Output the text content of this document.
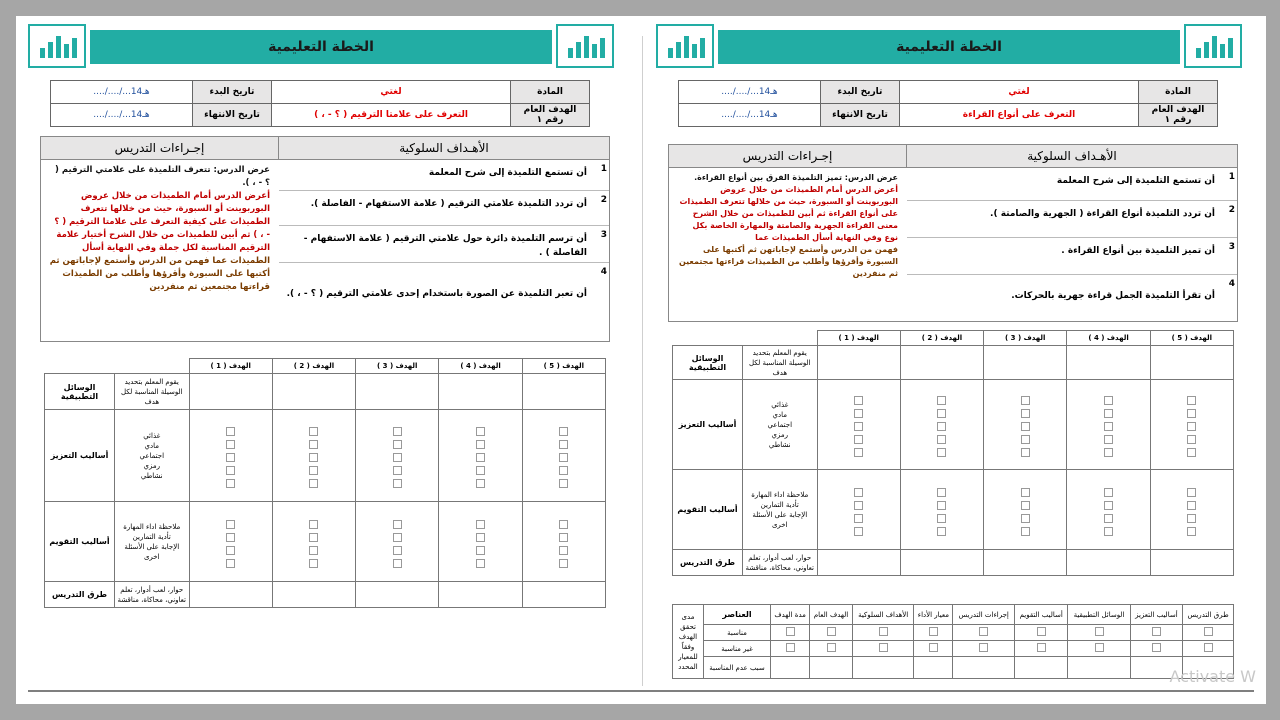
الخطة التعليمية
..../..../...14هـ	تاريخ البدء	لغتي	المادة
..../..../...14هـ	تاريخ الانتهاء	التعرف على علامتا الترقيم ( ؟ - ، )	الهدف العام رقم ١
الأهـداف السلوكية
إجـراءات التدريس
1
أن تستمع التلميذة إلى شرح المعلمة
2
أن تردد التلميذة علامتي الترقيم ( علامة الاستفهام - الفاصلة ).
3
أن ترسم التلميذة دائرة حول علامتي الترقيم ( علامة الاستفهام - الفاصلة ) .
4
أن تعبر التلميذة عن الصورة باستخدام إحدى علامتي الترقيم ( ؟ - ، ).
عرض الدرس: تتعرف التلميذة على علامتي الترقيم ( ؟ - ، ).
أعرض الدرس أمام الطميذات من خلال عروض البوربوينت أو السبورة، حيث من خلالها تتعرف الطميذات على كيفية التعرف على علامتا الترقيم ( ؟ - ، ) ثم أبين للطميذات من خلال الشرح أختيار علامة الترقيم المناسبة لكل جملة وفي النهاية أسأل
الطميذات عما فهمن من الدرس وأستمع لإجاباتهن ثم أكتبها على السبورة وأقرؤها وأطلب من الطميذات قراءتها مجتمعين ثم منفردين
		الهدف ( 1 )	الهدف ( 2 )	الهدف ( 3 )	الهدف ( 4 )	الهدف ( 5 )
الوسائل التطبيقية	يقوم المعلم بتحديد الوسيلة المناسبة لكل هدف					
أساليب التعزيز	غذائي
مادي
اجتماعي
رمزي
نشاطي					

أساليب التقويم	ملاحظة اداء المهارة
تأدية التمارين
الإجابة على الأسئلة
اخرى					

طرق التدريس	حوار، لعب أدوار، تعلم تعاوني، محاكاة، مناقشة					
الخطة التعليمية
..../..../...14هـ	تاريخ البدء	لغتي	المادة
..../..../...14هـ	تاريخ الانتهاء	التعرف على أنواع القراءة	الهدف العام رقم ١
الأهـداف السلوكية
إجـراءات التدريس
1
أن تستمع التلميذة إلى شرح المعلمة
2
أن تردد التلميذة أنواع القراءة ( الجهرية والصامتة ).
3
أن تميز التلميذة بين أنواع القراءة .
4
أن تقرأ التلميذة الجمل قراءة جهرية بالحركات.
عرض الدرس: تميز التلميذة الفرق بين أنواع القراءة.
أعرض الدرس أمام الطميذات من خلال عروض البوربوينت أو السبورة، حيث من خلالها تتعرف الطميذات على أنواع القراءة ثم أبين للطميذات من خلال الشرح معنى القراءة الجهرية والصامتة والمهارة الخاصة بكل نوع وفي النهاية أسأل الطميذات عما
فهمن من الدرس وأستمع لإجاباتهن ثم أكتبها على السبورة وأقرؤها وأطلب من الطميذات قراءتها مجتمعين ثم منفردين
		الهدف ( 1 )	الهدف ( 2 )	الهدف ( 3 )	الهدف ( 4 )	الهدف ( 5 )
الوسائل التطبيقية	يقوم المعلم بتحديد الوسيلة المناسبة لكل هدف					
أساليب التعزيز	غذائي
مادي
اجتماعي
رمزي
نشاطي					

أساليب التقويم	ملاحظة اداء المهارة
تأدية التمارين
الإجابة على الأسئلة
اخرى					

طرق التدريس	حوار، لعب أدوار، تعلم تعاوني، محاكاة، مناقشة					
مدى تحقق الهدف وفقاً للمعيار المحدد	العناصر	مدة الهدف	الهدف العام	الأهداف السلوكية	معيار الأداء	إجراءات التدريس	أساليب التقويم	الوسائل التطبيقية	أساليب التعزيز	طرق التدريس
	مناسبة									
	غير مناسبة									
	سبب عدم المناسبة										Activate W
